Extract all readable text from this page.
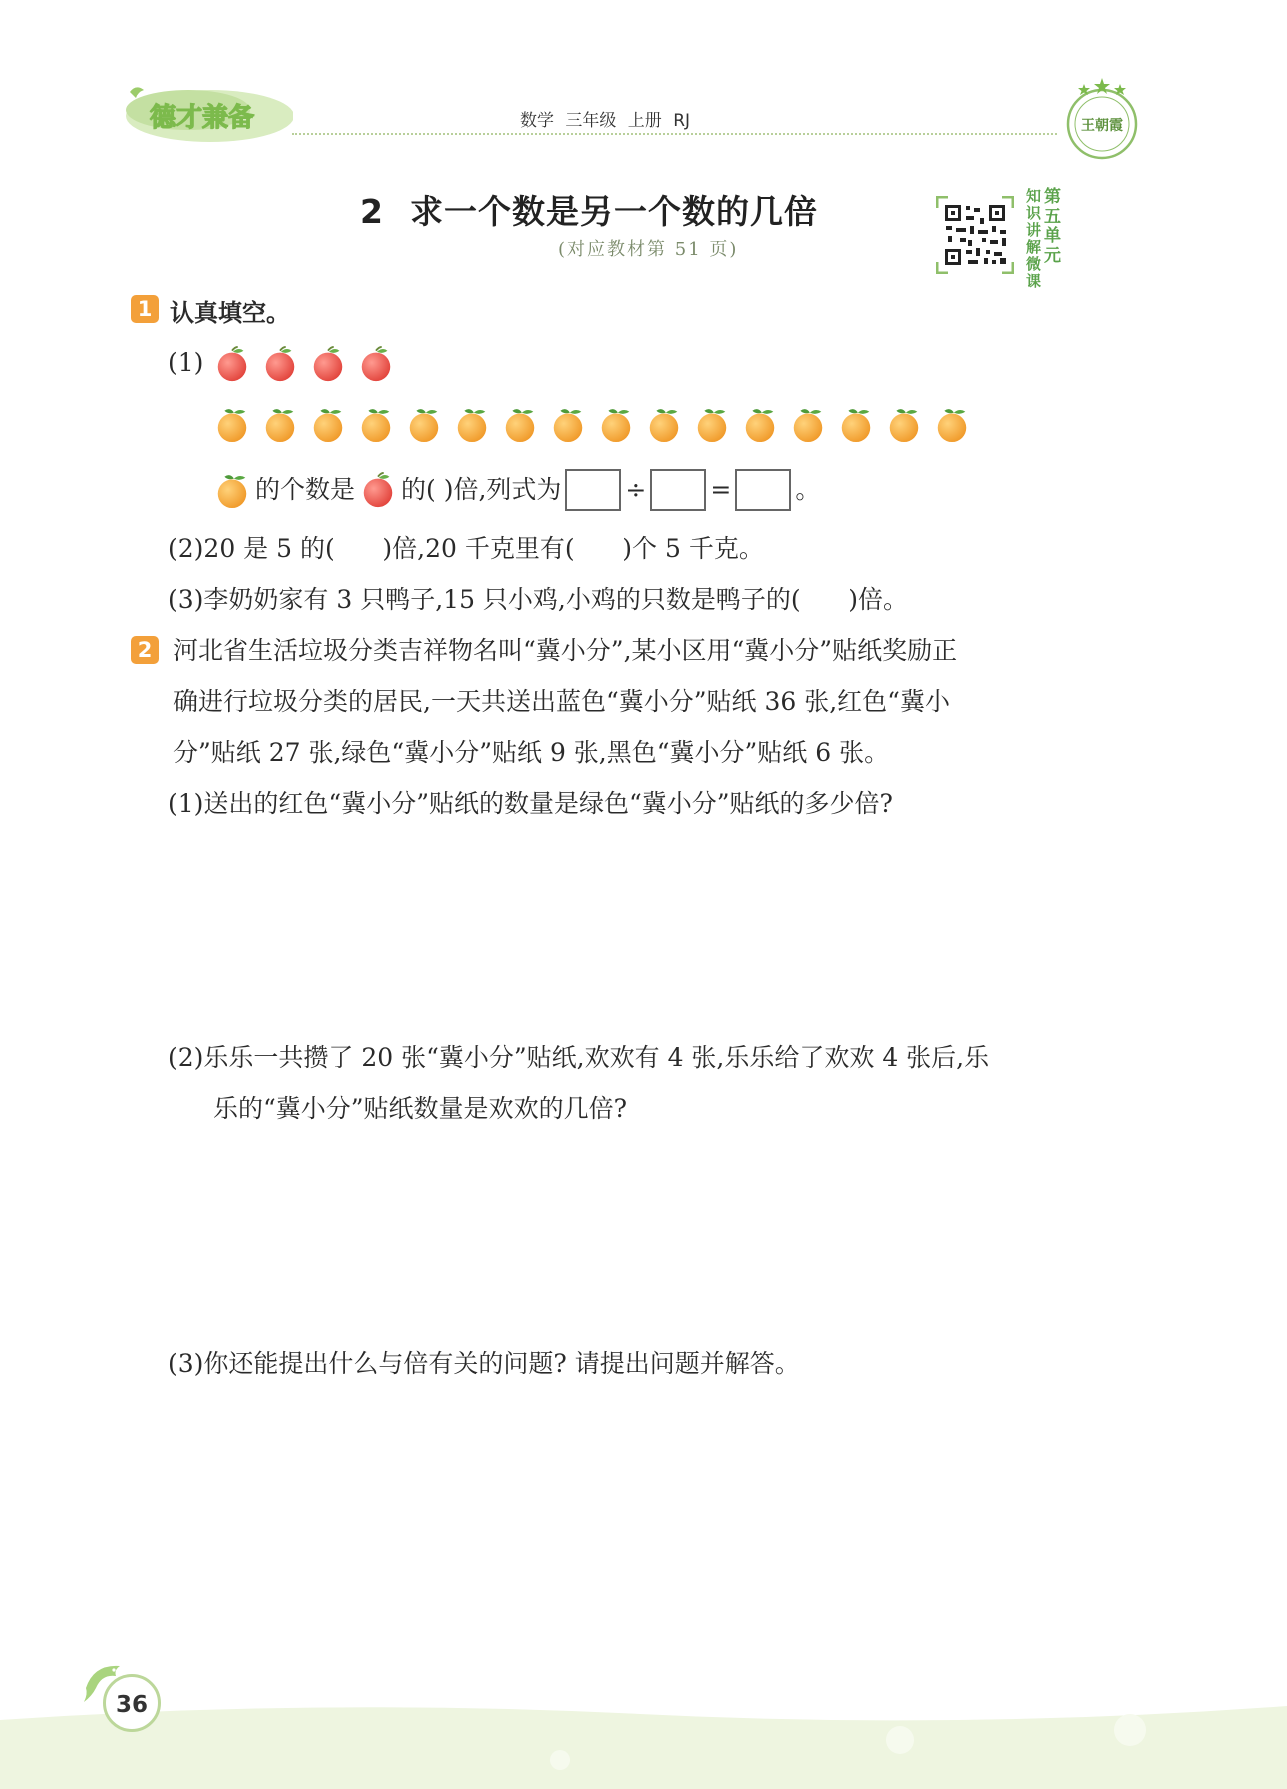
德才兼备	数学 三年级 上册 RJ	王朝霞
2 求一个数是另一个数的几倍
(对应教材第 51 页)
知
识
讲
解
微
课
第
五
单
元
1 认真填空。
(1)
的个数是 的( )倍,列式为	÷	=	。
(2)20 是 5 的(      )倍,20 千克里有(      )个 5 千克。
(3)李奶奶家有 3 只鸭子,15 只小鸡,小鸡的只数是鸭子的(      )倍。
2 河北省生活垃圾分类吉祥物名叫“冀小分”,某小区用“冀小分”贴纸奖励正
确进行垃圾分类的居民,一天共送出蓝色“冀小分”贴纸 36 张,红色“冀小
分”贴纸 27 张,绿色“冀小分”贴纸 9 张,黑色“冀小分”贴纸 6 张。
(1)送出的红色“冀小分”贴纸的数量是绿色“冀小分”贴纸的多少倍?
(2)乐乐一共攒了 20 张“冀小分”贴纸,欢欢有 4 张,乐乐给了欢欢 4 张后,乐
乐的“冀小分”贴纸数量是欢欢的几倍?
(3)你还能提出什么与倍有关的问题? 请提出问题并解答。
36
